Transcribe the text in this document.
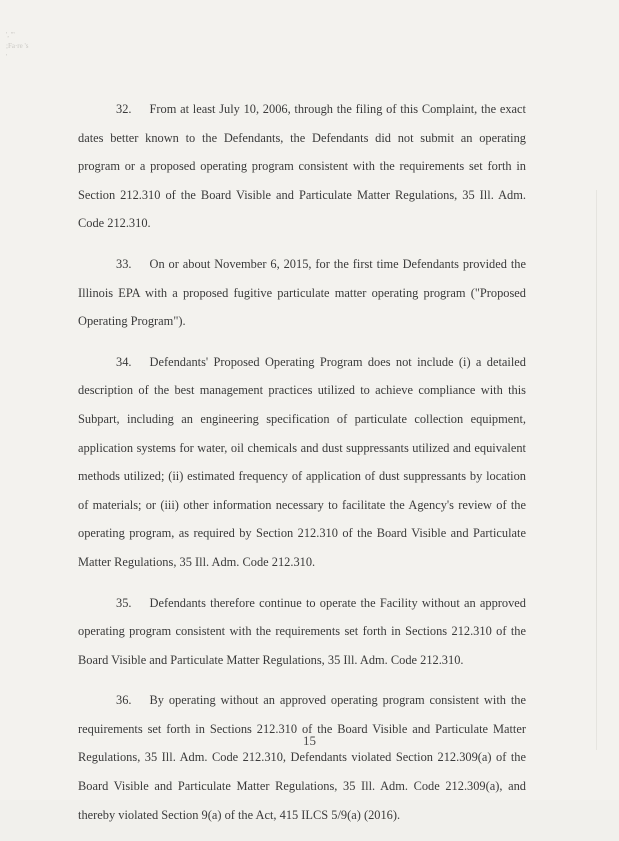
', '"
;Fa·re 's
'

32. From at least July 10, 2006, through the filing of this Complaint, the exact dates better known to the Defendants, the Defendants did not submit an operating program or a proposed operating program consistent with the requirements set forth in Section 212.310 of the Board Visible and Particulate Matter Regulations, 35 Ill. Adm. Code 212.310.

33. On or about November 6, 2015, for the first time Defendants provided the Illinois EPA with a proposed fugitive particulate matter operating program ("Proposed Operating Program").

34. Defendants' Proposed Operating Program does not include (i) a detailed description of the best management practices utilized to achieve compliance with this Subpart, including an engineering specification of particulate collection equipment, application systems for water, oil chemicals and dust suppressants utilized and equivalent methods utilized; (ii) estimated frequency of application of dust suppressants by location of materials; or (iii) other information necessary to facilitate the Agency's review of the operating program, as required by Section 212.310 of the Board Visible and Particulate Matter Regulations, 35 Ill. Adm. Code 212.310.

35. Defendants therefore continue to operate the Facility without an approved operating program consistent with the requirements set forth in Sections 212.310 of the Board Visible and Particulate Matter Regulations, 35 Ill. Adm. Code 212.310.

36. By operating without an approved operating program consistent with the requirements set forth in Sections 212.310 of the Board Visible and Particulate Matter Regulations, 35 Ill. Adm. Code 212.310, Defendants violated Section 212.309(a) of the Board Visible and Particulate Matter Regulations, 35 Ill. Adm. Code 212.309(a), and thereby violated Section 9(a) of the Act, 415 ILCS 5/9(a) (2016).

15
